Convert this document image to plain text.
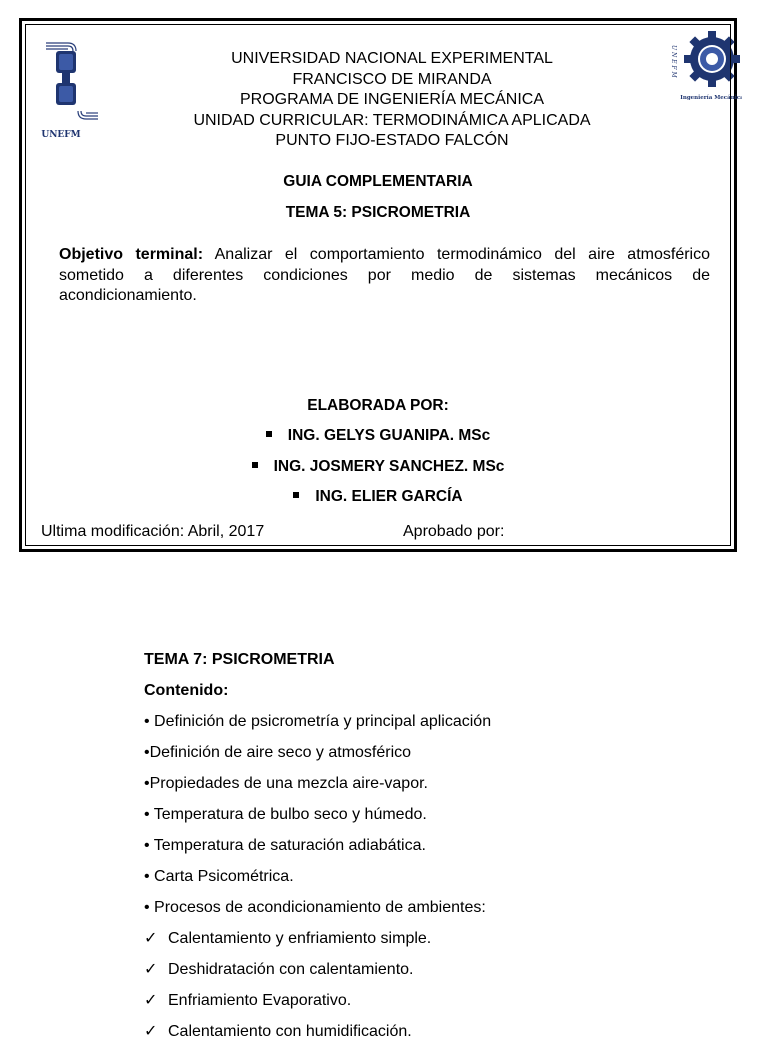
UNEFM
U N E F M
Ingeniería Mecánica
UNIVERSIDAD NACIONAL EXPERIMENTAL
FRANCISCO DE MIRANDA
PROGRAMA DE INGENIERÍA MECÁNICA
UNIDAD CURRICULAR: TERMODINÁMICA APLICADA
PUNTO FIJO-ESTADO FALCÓN
GUIA COMPLEMENTARIA
TEMA 5: PSICROMETRIA
Objetivo terminal: Analizar el comportamiento termodinámico del aire atmosférico sometido a diferentes condiciones por medio de sistemas mecánicos de acondicionamiento.
ELABORADA POR:
ING. GELYS GUANIPA. MSc
ING. JOSMERY SANCHEZ. MSc
ING. ELIER GARCÍA
Ultima modificación: Abril, 2017	Aprobado por:
TEMA 7: PSICROMETRIA
Contenido:
• Definición de psicrometría y principal aplicación
•Definición de aire seco y atmosférico
•Propiedades de una mezcla aire-vapor.
• Temperatura de bulbo seco y húmedo.
• Temperatura de saturación adiabática.
• Carta Psicométrica.
• Procesos de acondicionamiento de ambientes:
✓ Calentamiento y enfriamiento simple.
✓ Deshidratación con calentamiento.
✓ Enfriamiento Evaporativo.
✓ Calentamiento con humidificación.
